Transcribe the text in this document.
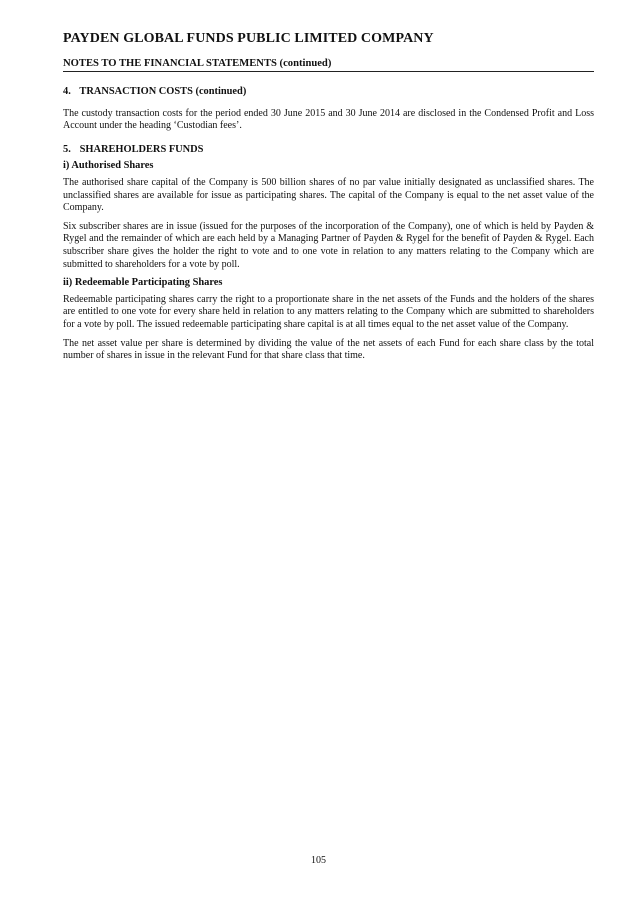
PAYDEN GLOBAL FUNDS PUBLIC LIMITED COMPANY
NOTES TO THE FINANCIAL STATEMENTS (continued)
4. TRANSACTION COSTS (continued)

The custody transaction costs for the period ended 30 June 2015 and 30 June 2014 are disclosed in the Condensed Profit and Loss Account under the heading ‘Custodian fees’.

5. SHAREHOLDERS FUNDS
i) Authorised Shares

The authorised share capital of the Company is 500 billion shares of no par value initially designated as unclassified shares. The unclassified shares are available for issue as participating shares. The capital of the Company is equal to the net asset value of the Company.

Six subscriber shares are in issue (issued for the purposes of the incorporation of the Company), one of which is held by Payden & Rygel and the remainder of which are each held by a Managing Partner of Payden & Rygel for the benefit of Payden & Rygel. Each subscriber share gives the holder the right to vote and to one vote in relation to any matters relating to the Company which are submitted to shareholders for a vote by poll.

ii) Redeemable Participating Shares

Redeemable participating shares carry the right to a proportionate share in the net assets of the Funds and the holders of the shares are entitled to one vote for every share held in relation to any matters relating to the Company which are submitted to shareholders for a vote by poll. The issued redeemable participating share capital is at all times equal to the net asset value of the Company.

The net asset value per share is determined by dividing the value of the net assets of each Fund for each share class by the total number of shares in issue in the relevant Fund for that share class that time.

105
